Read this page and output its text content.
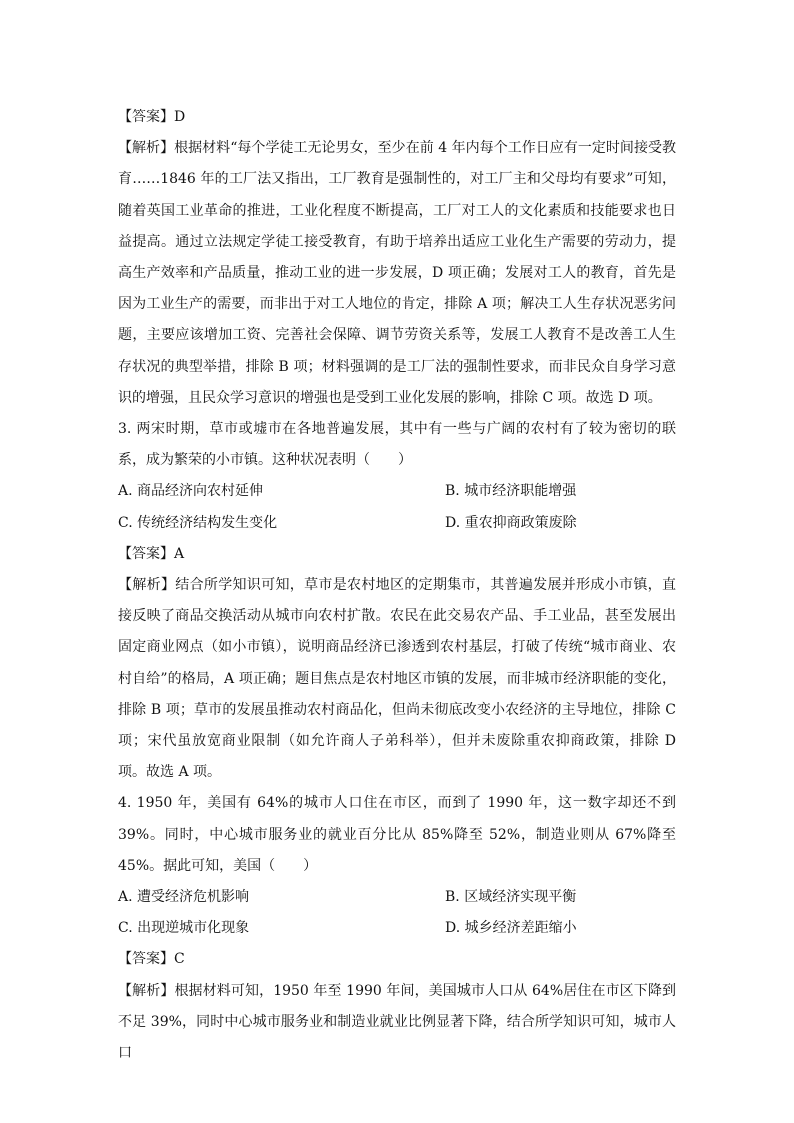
【答案】D

【解析】根据材料“每个学徒工无论男女，至少在前 4 年内每个工作日应有一定时间接受教育……1846 年的工厂法又指出，工厂教育是强制性的，对工厂主和父母均有要求”可知，随着英国工业革命的推进，工业化程度不断提高，工厂对工人的文化素质和技能要求也日益提高。通过立法规定学徒工接受教育，有助于培养出适应工业化生产需要的劳动力，提高生产效率和产品质量，推动工业的进一步发展，D 项正确；发展对工人的教育，首先是因为工业生产的需要，而非出于对工人地位的肯定，排除 A 项；解决工人生存状况恶劣问题，主要应该增加工资、完善社会保障、调节劳资关系等，发展工人教育不是改善工人生存状况的典型举措，排除 B 项；材料强调的是工厂法的强制性要求，而非民众自身学习意识的增强，且民众学习意识的增强也是受到工业化发展的影响，排除 C 项。故选 D 项。

3. 两宋时期，草市或墟市在各地普遍发展，其中有一些与广阔的农村有了较为密切的联系，成为繁荣的小市镇。这种状况表明（　　）

A. 商品经济向农村延伸	B. 城市经济职能增强
C. 传统经济结构发生变化	D. 重农抑商政策废除

【答案】A

【解析】结合所学知识可知，草市是农村地区的定期集市，其普遍发展并形成小市镇，直接反映了商品交换活动从城市向农村扩散。农民在此交易农产品、手工业品，甚至发展出固定商业网点（如小市镇），说明商品经济已渗透到农村基层，打破了传统“城市商业、农村自给”的格局，A 项正确；题目焦点是农村地区市镇的发展，而非城市经济职能的变化，排除 B 项；草市的发展虽推动农村商品化，但尚未彻底改变小农经济的主导地位，排除 C 项；宋代虽放宽商业限制（如允许商人子弟科举），但并未废除重农抑商政策，排除 D 项。故选 A 项。

4. 1950 年，美国有 64%的城市人口住在市区，而到了 1990 年，这一数字却还不到 39%。同时，中心城市服务业的就业百分比从 85%降至 52%，制造业则从 67%降至 45%。据此可知，美国（　　）

A. 遭受经济危机影响	B. 区域经济实现平衡
C. 出现逆城市化现象	D. 城乡经济差距缩小

【答案】C

【解析】根据材料可知，1950 年至 1990 年间，美国城市人口从 64%居住在市区下降到不足 39%，同时中心城市服务业和制造业就业比例显著下降，结合所学知识可知，城市人口
